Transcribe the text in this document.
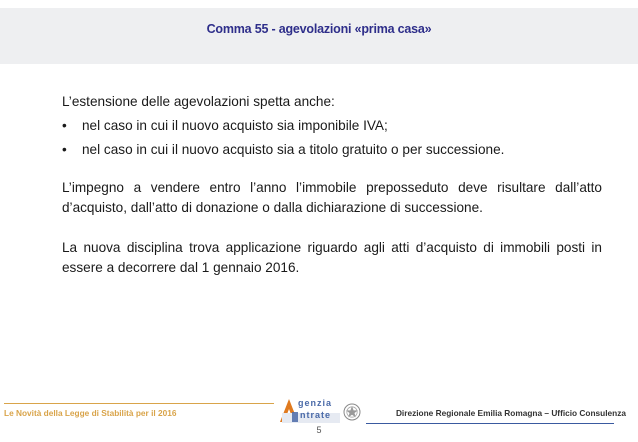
Comma 55 - agevolazioni «prima casa»

L’estensione delle agevolazioni spetta anche:

• nel caso in cui il nuovo acquisto sia imponibile IVA;
• nel caso in cui il nuovo acquisto sia a titolo gratuito o per successione.

L’impegno a vendere entro l’anno l’immobile preposseduto deve risultare dall’atto d’acquisto, dall’atto di donazione o dalla dichiarazione di successione.

La nuova disciplina trova applicazione riguardo agli atti d’acquisto di immobili posti in essere a decorrere dal 1 gennaio 2016.

Le Novità della Legge di Stabilità per il 2016
genzia
ntrate	Direzione Regionale Emilia Romagna – Ufficio Consulenza
5
